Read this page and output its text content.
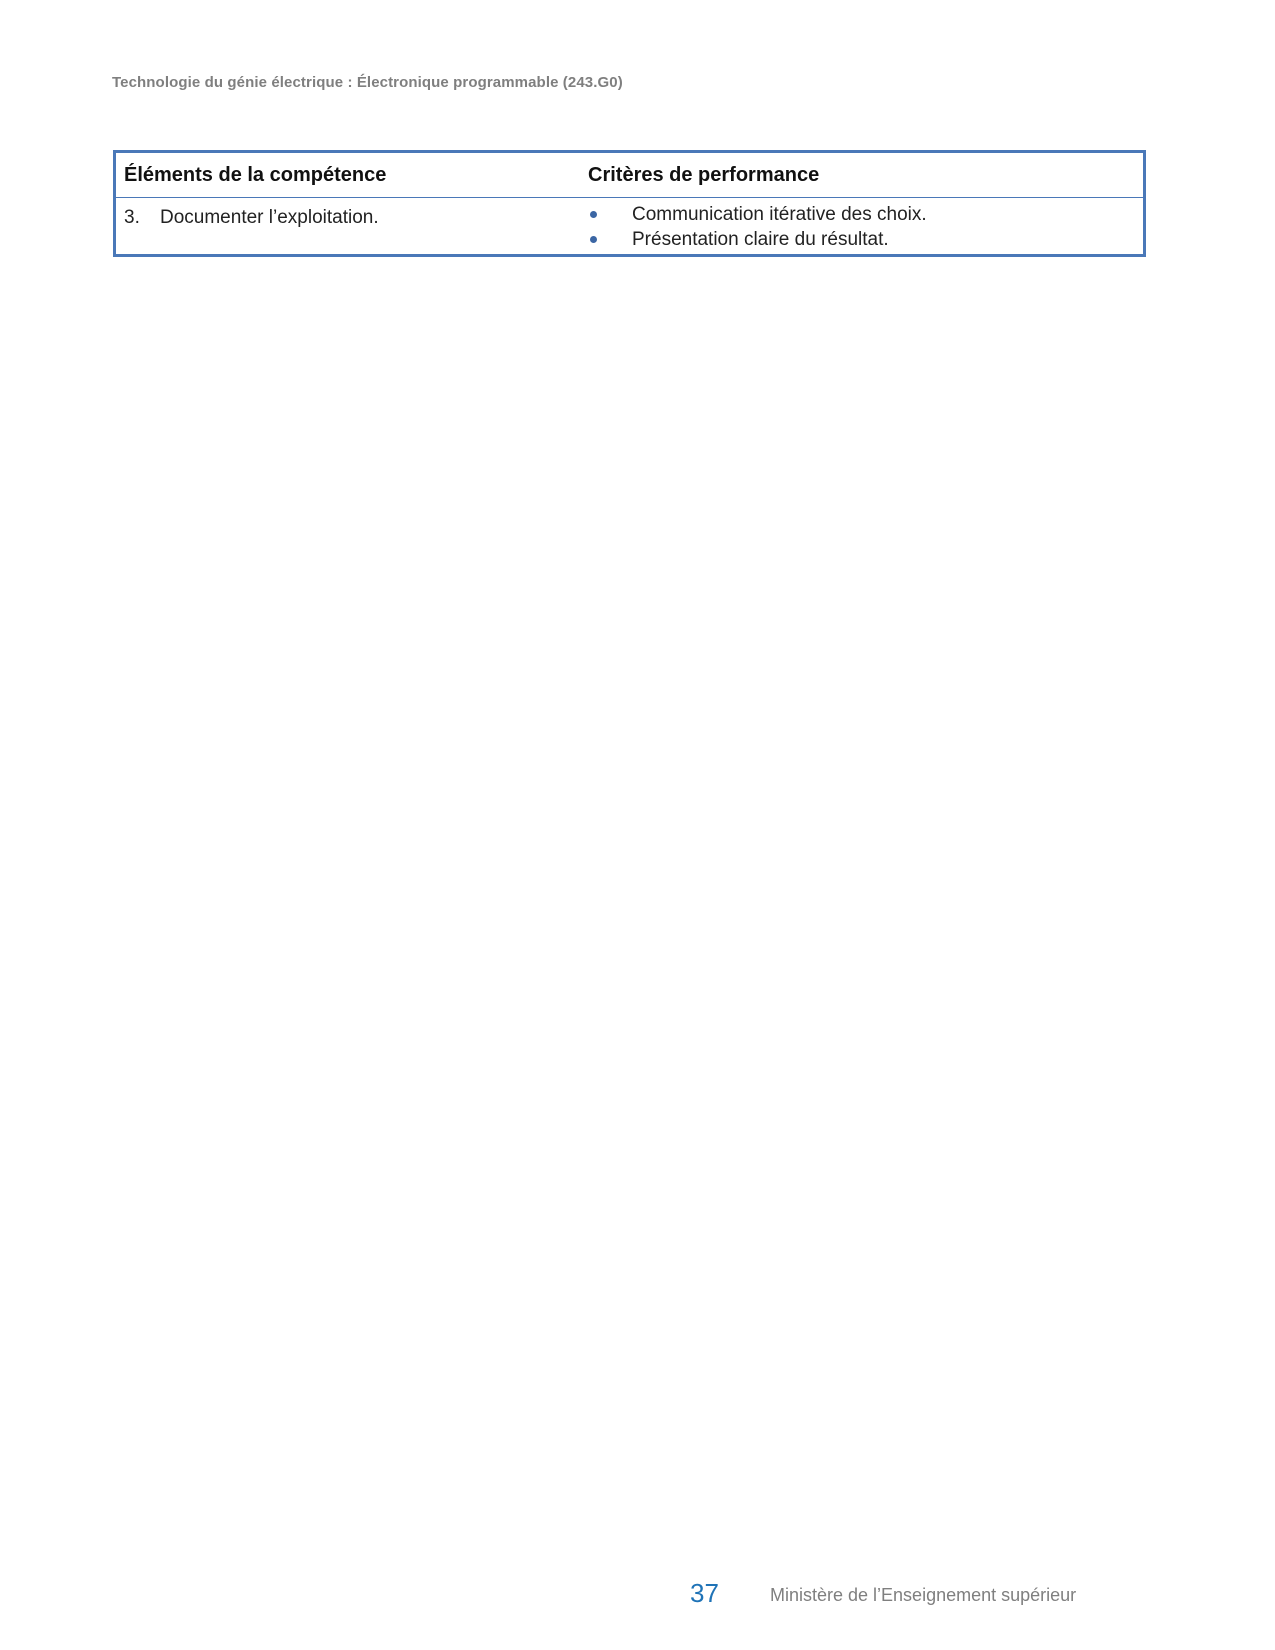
Technologie du génie électrique : Électronique programmable (243.G0)
Éléments de la compétence	Critères de performance
3.	Documenter l’exploitation.	Communication itérative des choix.
Présentation claire du résultat.
37	Ministère de l’Enseignement supérieur
